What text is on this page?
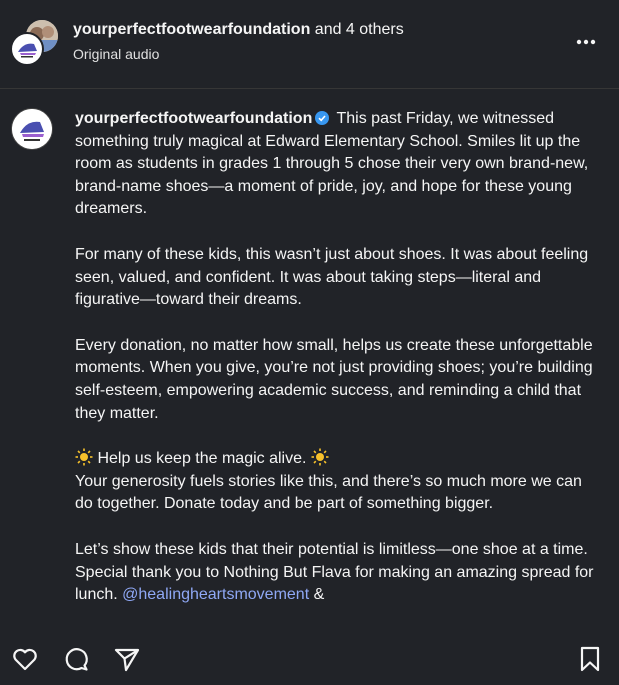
yourperfectfootwearfoundation and 4 others
Original audio

yourperfectfootwearfoundation This past Friday, we witnessed something truly magical at Edward Elementary School. Smiles lit up the room as students in grades 1 through 5 chose their very own brand-new, brand-name shoes—a moment of pride, joy, and hope for these young dreamers.

For many of these kids, this wasn’t just about shoes. It was about feeling seen, valued, and confident. It was about taking steps—literal and figurative—toward their dreams.

Every donation, no matter how small, helps us create these unforgettable moments. When you give, you’re not just providing shoes; you’re building self-esteem, empowering academic success, and reminding a child that they matter.

Help us keep the magic alive.
Your generosity fuels stories like this, and there’s so much more we can do together. Donate today and be part of something bigger.

Let’s show these kids that their potential is limitless—one shoe at a time. Special thank you to Nothing But Flava for making an amazing spread for lunch. @healingheartsmovement &
